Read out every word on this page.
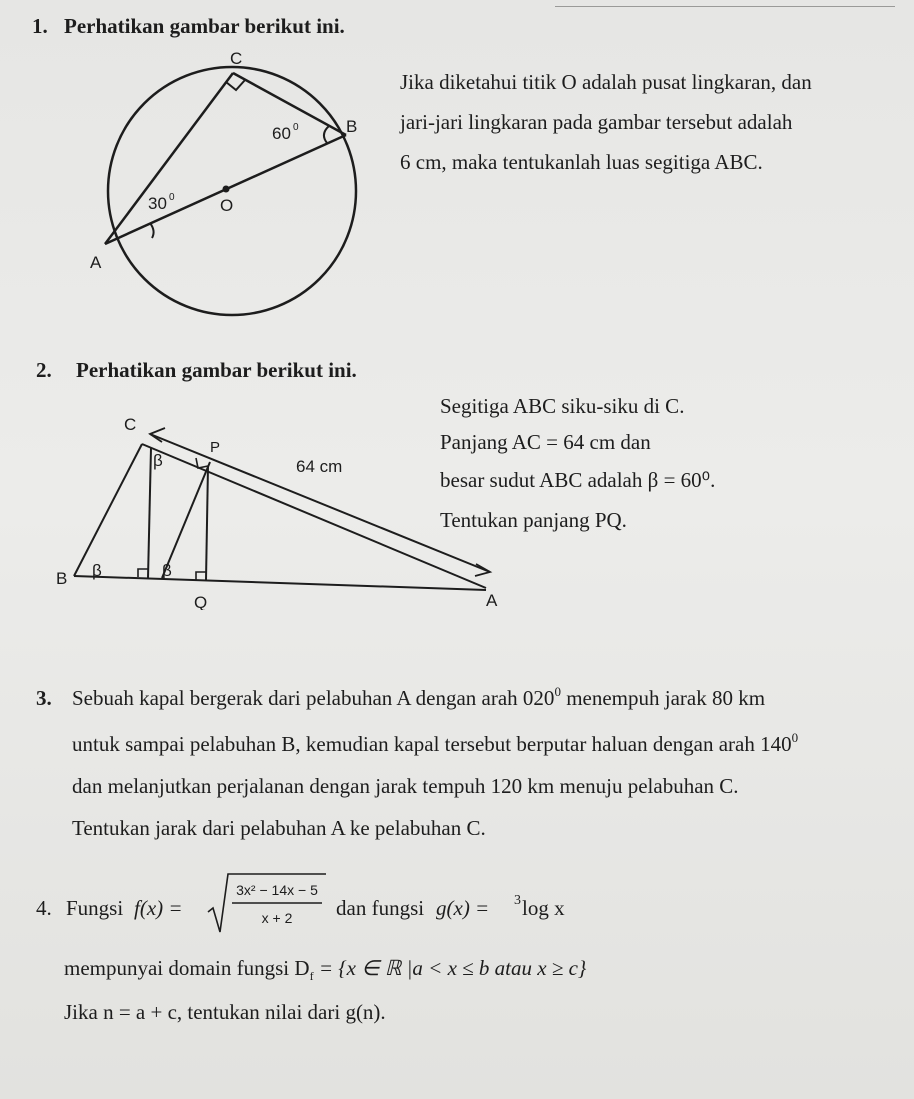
1. Perhatikan gambar berikut ini.
C
B
A
O
60 0
30 0
Jika diketahui titik O adalah pusat lingkaran, dan
jari-jari lingkaran pada gambar tersebut adalah
6 cm, maka tentukanlah luas segitiga ABC.
2. Perhatikan gambar berikut ini.
C
P
64 cm
β
B β	β
Q	A
Segitiga ABC siku-siku di C.
Panjang AC = 64 cm dan
besar sudut ABC adalah β = 60⁰.
Tentukan panjang PQ.
3. Sebuah kapal bergerak dari pelabuhan A dengan arah $020^0$ menempuh jarak 80 km
untuk sampai pelabuhan B, kemudian kapal tersebut berputar haluan dengan arah $140^0$
dan melanjutkan perjalanan dengan jarak tempuh 120 km menuju pelabuhan C.
Tentukan jarak dari pelabuhan A ke pelabuhan C.
4. Fungsi f(x) =
3x² − 14x − 5
x + 2 dan fungsi g(x) = 3 log x
mempunyai domain fungsi $D_f = \{x$ ∈ ℝ |a < x ≤ b atau x ≥ c}
Jika n = a + c, tentukan nilai dari g(n).
